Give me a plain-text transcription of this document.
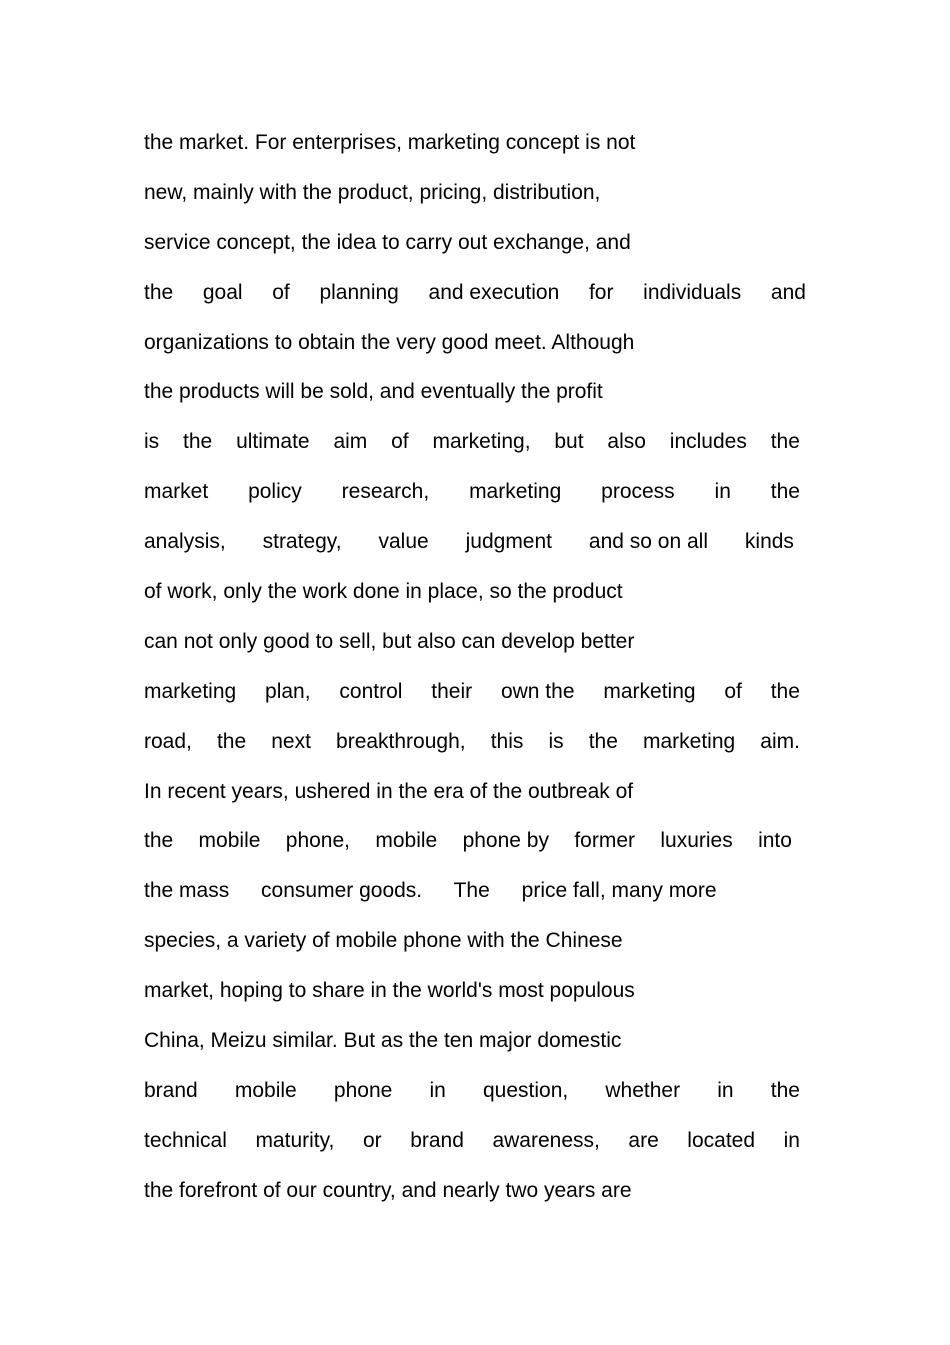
the market. For enterprises, marketing concept is not
new, mainly with the product, pricing, distribution,
service concept, the idea to carry out exchange, and
the goal of planning and execution for individuals and
organizations to obtain the very good meet. Although
the products will be sold, and eventually the profit
is the ultimate aim of marketing, but also includes the
market policy research, marketing process in the
analysis, strategy, value judgment and so on all kinds
of work, only the work done in place, so the product
can not only good to sell, but also can develop better
marketing plan, control their own the marketing of the
road, the next breakthrough, this is the marketing aim.
In recent years, ushered in the era of the outbreak of
the mobile phone, mobile phone by former luxuries into
the mass consumer goods. The price fall, many more
species, a variety of mobile phone with the Chinese
market, hoping to share in the world's most populous
China, Meizu similar. But as the ten major domestic
brand mobile phone in question, whether in the
technical maturity, or brand awareness, are located in
the forefront of our country, and nearly two years are
